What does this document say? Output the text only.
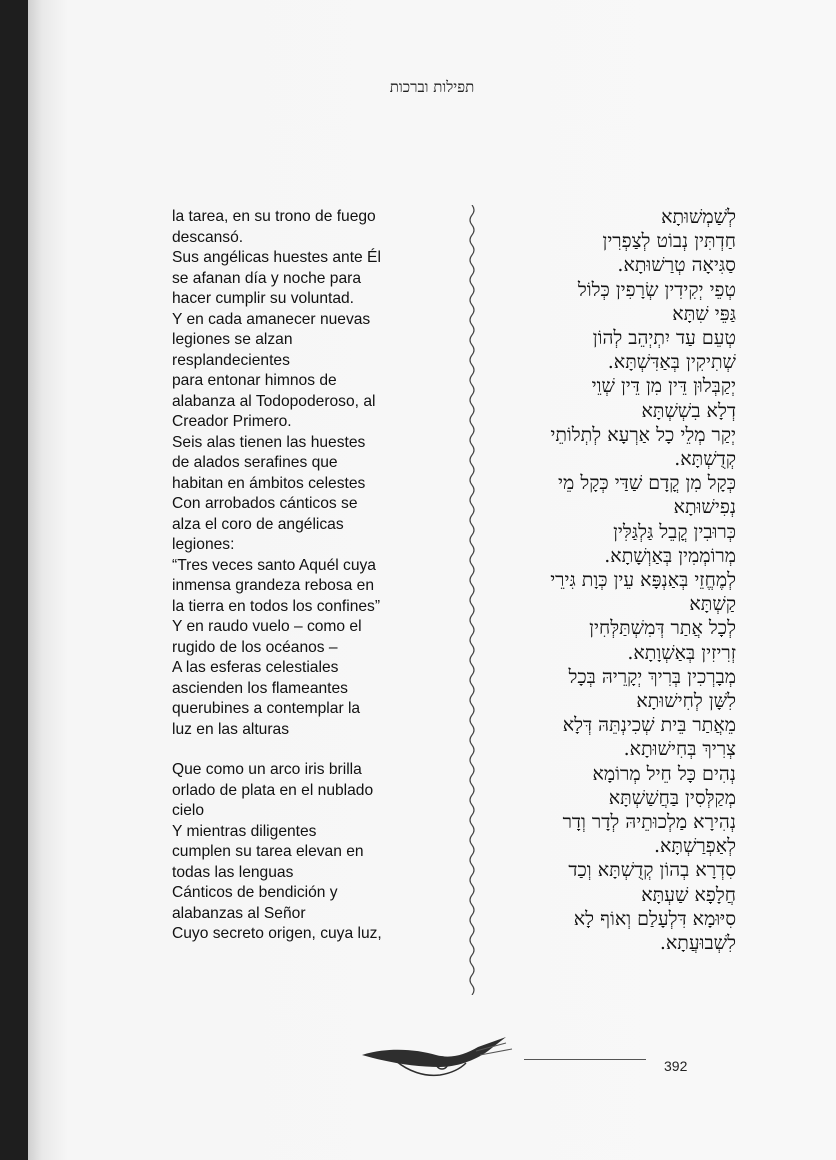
תפילות וברכות
la tarea, en su trono de fuego
descansó.
Sus angélicas huestes ante Él
se afanan día y noche para
hacer cumplir su voluntad.
Y en cada amanecer nuevas
legiones se alzan
resplandecientes
para entonar himnos de
alabanza al Todopoderoso, al
Creador Primero.
Seis alas tienen las huestes
de alados serafines que
habitan en ámbitos celestes
Con arrobados cánticos se
alza el coro de angélicas
legiones:
“Tres veces santo Aquél cuya
inmensa grandeza rebosa en
la tierra en todos los confines”
Y en raudo vuelo – como el
rugido de los océanos –
A las esferas celestiales
ascienden los flameantes
querubines a contemplar la
luz en las alturas
Que como un arco iris brilla
orlado de plata en el nublado
cielo
Y mientras diligentes
cumplen su tarea elevan en
todas las lenguas
Cánticos de bendición y
alabanzas al Señor
Cuyo secreto origen, cuya luz,
לְשַׁמְשׁוּתָא
חַדְתִּין נְבוֹט לְצַפְרִין
סַגִּיאָה טְרַשׁוּתָא.
טְפֵי יְקִידִין שְׂרָפִין כְּלוֹל
גַּפֵּי שִׁתָּא
טְעֵם עַד יִתְיְהֵב לְהוֹן
שְׁתִיקִין בְּאַדִּשְׁתָּא.
יְקַבְּלוּן דֵּין מִן דֵּין שְׁוֵי
דְלָא בִשְׁשְׁתָּא
יְקַר מְלֵי כָל אַרְעָא לְתְלוֹתֵי
קְדֻשְׁתָּא.
כְּקָל מִן קֳדָם שַׁדַּי כְּקָל מֵי
נְפִישׁוּתָא
כְּרוּבִין קֳבֵל גַּלְגַּלִּין
מְרוֹמְמִין בְּאַוְשָׁתָא.
לְמֶחֱזֵי בְּאַנְפָּא עֵין כְּוָת גִּירֵי
קַשְׁתָּא
לְכָל אֲתַר דְּמִשְׁתַּלְּחִין
זְרִיזִין בְּאַשְׁוָתָא.
מְבָרְכִין בְּרִיךְ יְקָרֵיהּ בְּכָל
לִשָּׁן לְחִישׁוּתָא
מֵאֲתַר בֵּית שְׁכִינְתֵּהּ דְּלָא
צְרִיךְ בְּחִישׁוּתָא.
נְהִים כָּל חֵיל מְרוֹמָא
מְקַלְּסִין בַּחֲשַׁשְׁתָּא
נְהִירָא מַלְכוּתֵיהּ לְדָר וְדָר
לְאַפְרַשְׁתָּא.
סִדְרָא בְהוֹן קְדֻשְׁתָּא וְכַד
חֲלָפָא שַׁעְתָּא
סִיּוּמָא דִּלְעָלַם וְאוֹף לָא
לִשְׁבוּעֲתָא.
392
